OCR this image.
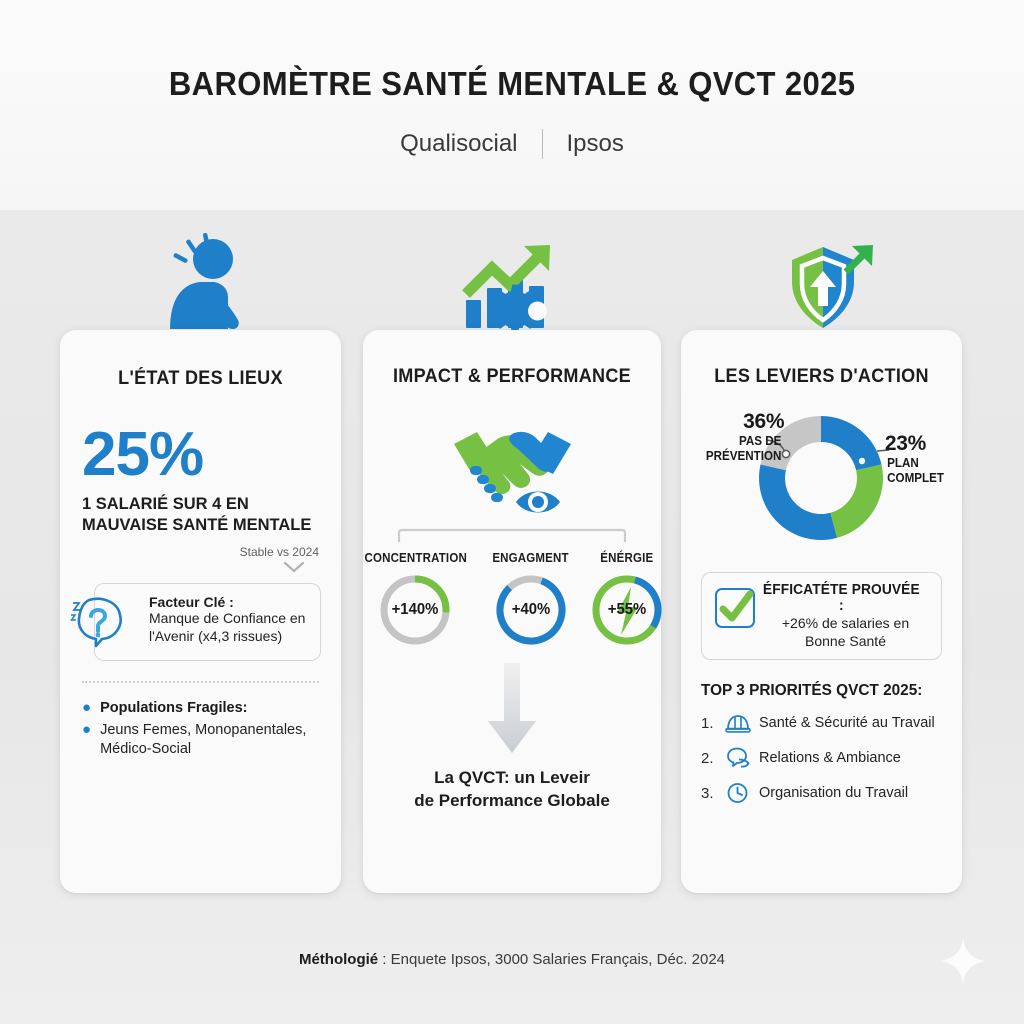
BAROMÈTRE SANTÉ MENTALE & QVCT 2025
Qualisocial Ipsos
L'ÉTAT DES LIEUX
25%
1 SALARIÉ SUR 4 EN MAUVAISE SANTÉ MENTALE
Stable vs 2024
Facteur Clé :
Manque de Confiance en
l'Avenir (x4,3 rissues)
● Populations Fragiles:
● Jeuns Femes, Monopanentales,
Médico-Social
IMPACT & PERFORMANCE
CONCENTRATION
+140%
ENGAGMENT
+40%
ÉNÉRGIE
+55%
La QVCT: un Leveir
de Performance Globale
LES LEVIERS D'ACTION
36%
PAS DE
PRÉVENTION
23%
PLAN
COMPLET
ÉFFICATÉTE PROUVÉE :
+26% de salaries en
Bonne Santé
TOP 3 PRIORITÉS QVCT 2025:
1.	Santé & Sécurité au Travail
2.	Relations & Ambiance
3.	Organisation du Travail
Méthologié : Enquete Ipsos, 3000 Salaries Français, Déc. 2024
